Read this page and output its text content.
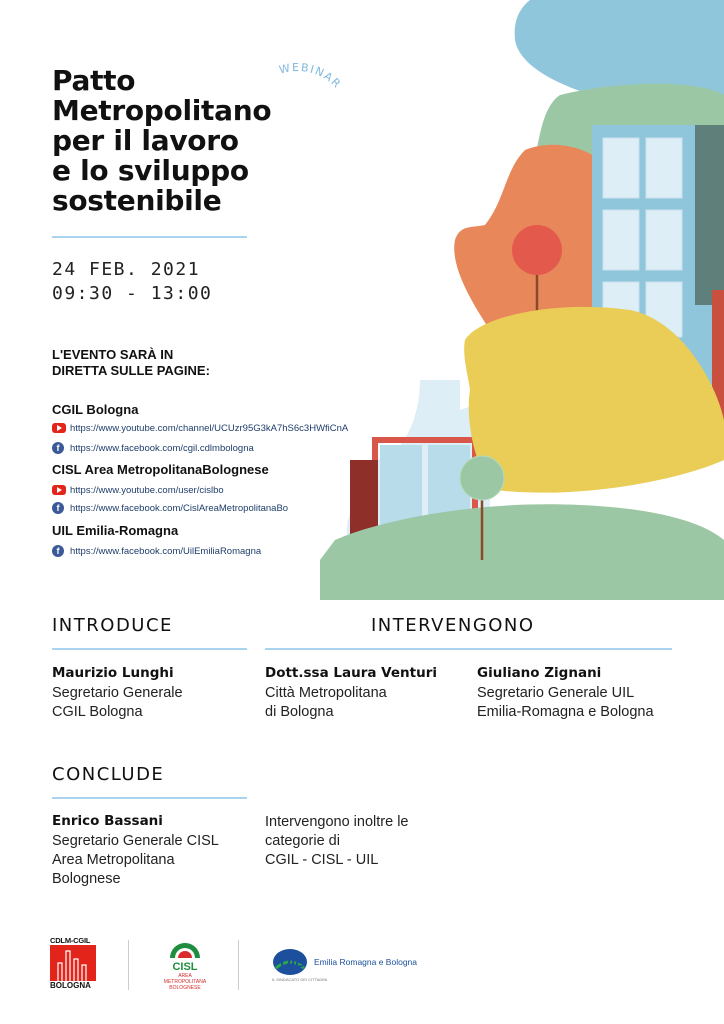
WEBINAR
Patto
Metropolitano
per il lavoro
e lo sviluppo
sostenibile
24 FEB. 2021
09:30 - 13:00
L'EVENTO SARÀ IN
DIRETTA SULLE PAGINE:
CGIL Bologna
https://www.youtube.com/channel/UCUzr95G3kA7hS6c3HWfiCnA
f	https://www.facebook.com/cgil.cdlmbologna
CISL Area MetropolitanaBolognese
https://www.youtube.com/user/cislbo
f	https://www.facebook.com/CislAreaMetropolitanaBo
UIL Emilia-Romagna
f	https://www.facebook.com/UilEmiliaRomagna
INTRODUCE	INTERVENGONO
Maurizio Lunghi
Segretario Generale
CGIL Bologna
Dott.ssa Laura Venturi
Città Metropolitana
di Bologna
Giuliano Zignani
Segretario Generale UIL
Emilia-Romagna e Bologna
CONCLUDE
Enrico Bassani
Segretario Generale CISL
Area Metropolitana
Bolognese
Intervengono inoltre le
categorie di
CGIL - CISL - UIL
CDLM-CGIL
BOLOGNA
CISL
AREA
METROPOLITANA
BOLOGNESE
UIL	Emilia Romagna e Bologna
IL SINDACATO DEI CITTADINI
